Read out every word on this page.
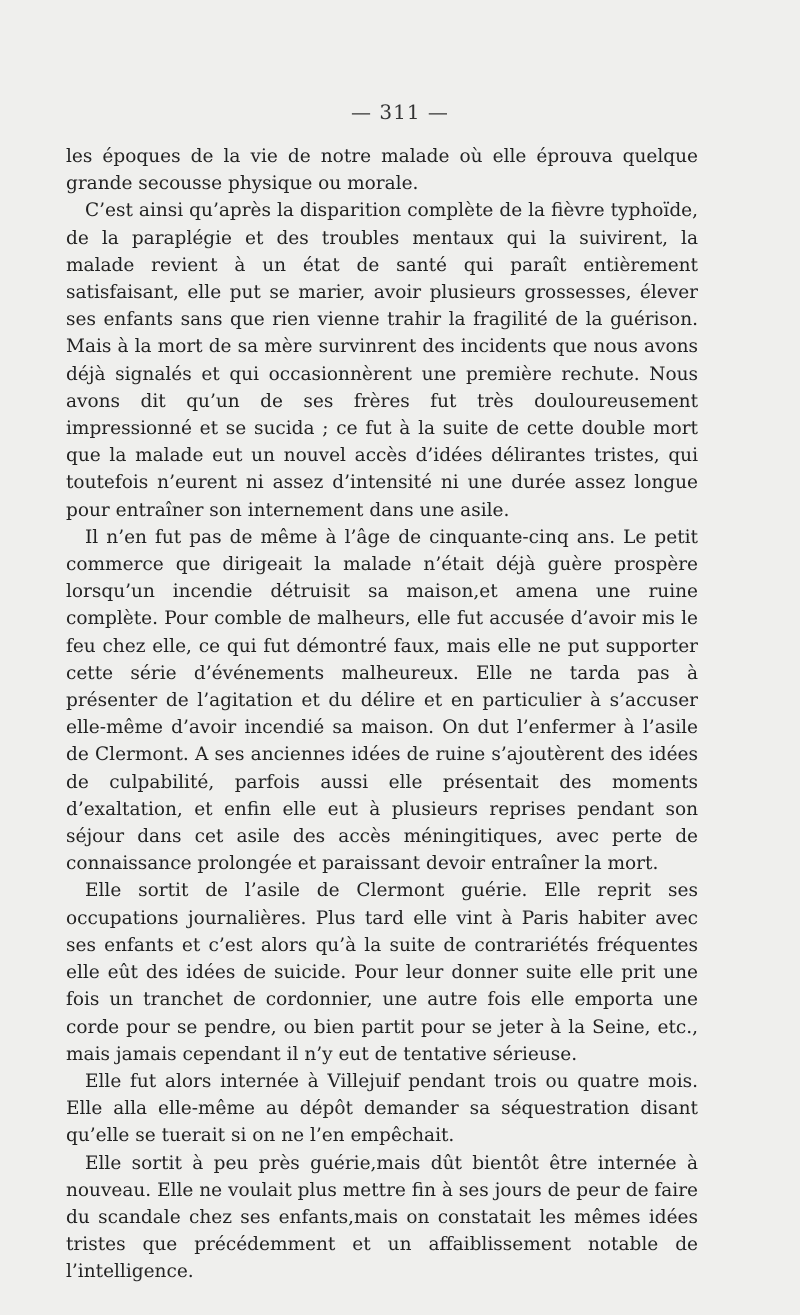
— 311 —

les époques de la vie de notre malade où elle éprouva quelque grande secousse physique ou morale.

C’est ainsi qu’après la disparition complète de la fièvre typhoïde, de la paraplégie et des troubles mentaux qui la suivirent, la malade revient à un état de santé qui paraît entièrement satisfaisant, elle put se marier, avoir plusieurs grossesses, élever ses enfants sans que rien vienne trahir la fragilité de la guérison. Mais à la mort de sa mère survinrent des incidents que nous avons déjà signalés et qui occasionnèrent une première rechute. Nous avons dit qu’un de ses frères fut très douloureusement impressionné et se sucida ; ce fut à la suite de cette double mort que la malade eut un nouvel accès d’idées délirantes tristes, qui toutefois n’eurent ni assez d’intensité ni une durée assez longue pour entraîner son internement dans une asile.

Il n’en fut pas de même à l’âge de cinquante-cinq ans. Le petit commerce que dirigeait la malade n’était déjà guère prospère lorsqu’un incendie détruisit sa maison,et amena une ruine complète. Pour comble de malheurs, elle fut accusée d’avoir mis le feu chez elle, ce qui fut démontré faux, mais elle ne put supporter cette série d’événements malheureux. Elle ne tarda pas à présenter de l’agitation et du délire et en particulier à s’accuser elle-même d’avoir incendié sa maison. On dut l’enfermer à l’asile de Clermont. A ses anciennes idées de ruine s’ajoutèrent des idées de culpabilité, parfois aussi elle présentait des moments d’exaltation, et enfin elle eut à plusieurs reprises pendant son séjour dans cet asile des accès méningitiques, avec perte de connaissance prolongée et paraissant devoir entraîner la mort.

Elle sortit de l’asile de Clermont guérie. Elle reprit ses occupations journalières. Plus tard elle vint à Paris habiter avec ses enfants et c’est alors qu’à la suite de contrariétés fréquentes elle eût des idées de suicide. Pour leur donner suite elle prit une fois un tranchet de cordonnier, une autre fois elle emporta une corde pour se pendre, ou bien partit pour se jeter à la Seine, etc., mais jamais cependant il n’y eut de tentative sérieuse.

Elle fut alors internée à Villejuif pendant trois ou quatre mois. Elle alla elle-même au dépôt demander sa séquestration disant qu’elle se tuerait si on ne l’en empêchait.

Elle sortit à peu près guérie,mais dût bientôt être internée à nouveau. Elle ne voulait plus mettre fin à ses jours de peur de faire du scandale chez ses enfants,mais on constatait les mêmes idées tristes que précédemment et un affaiblissement notable de l’intelligence.
